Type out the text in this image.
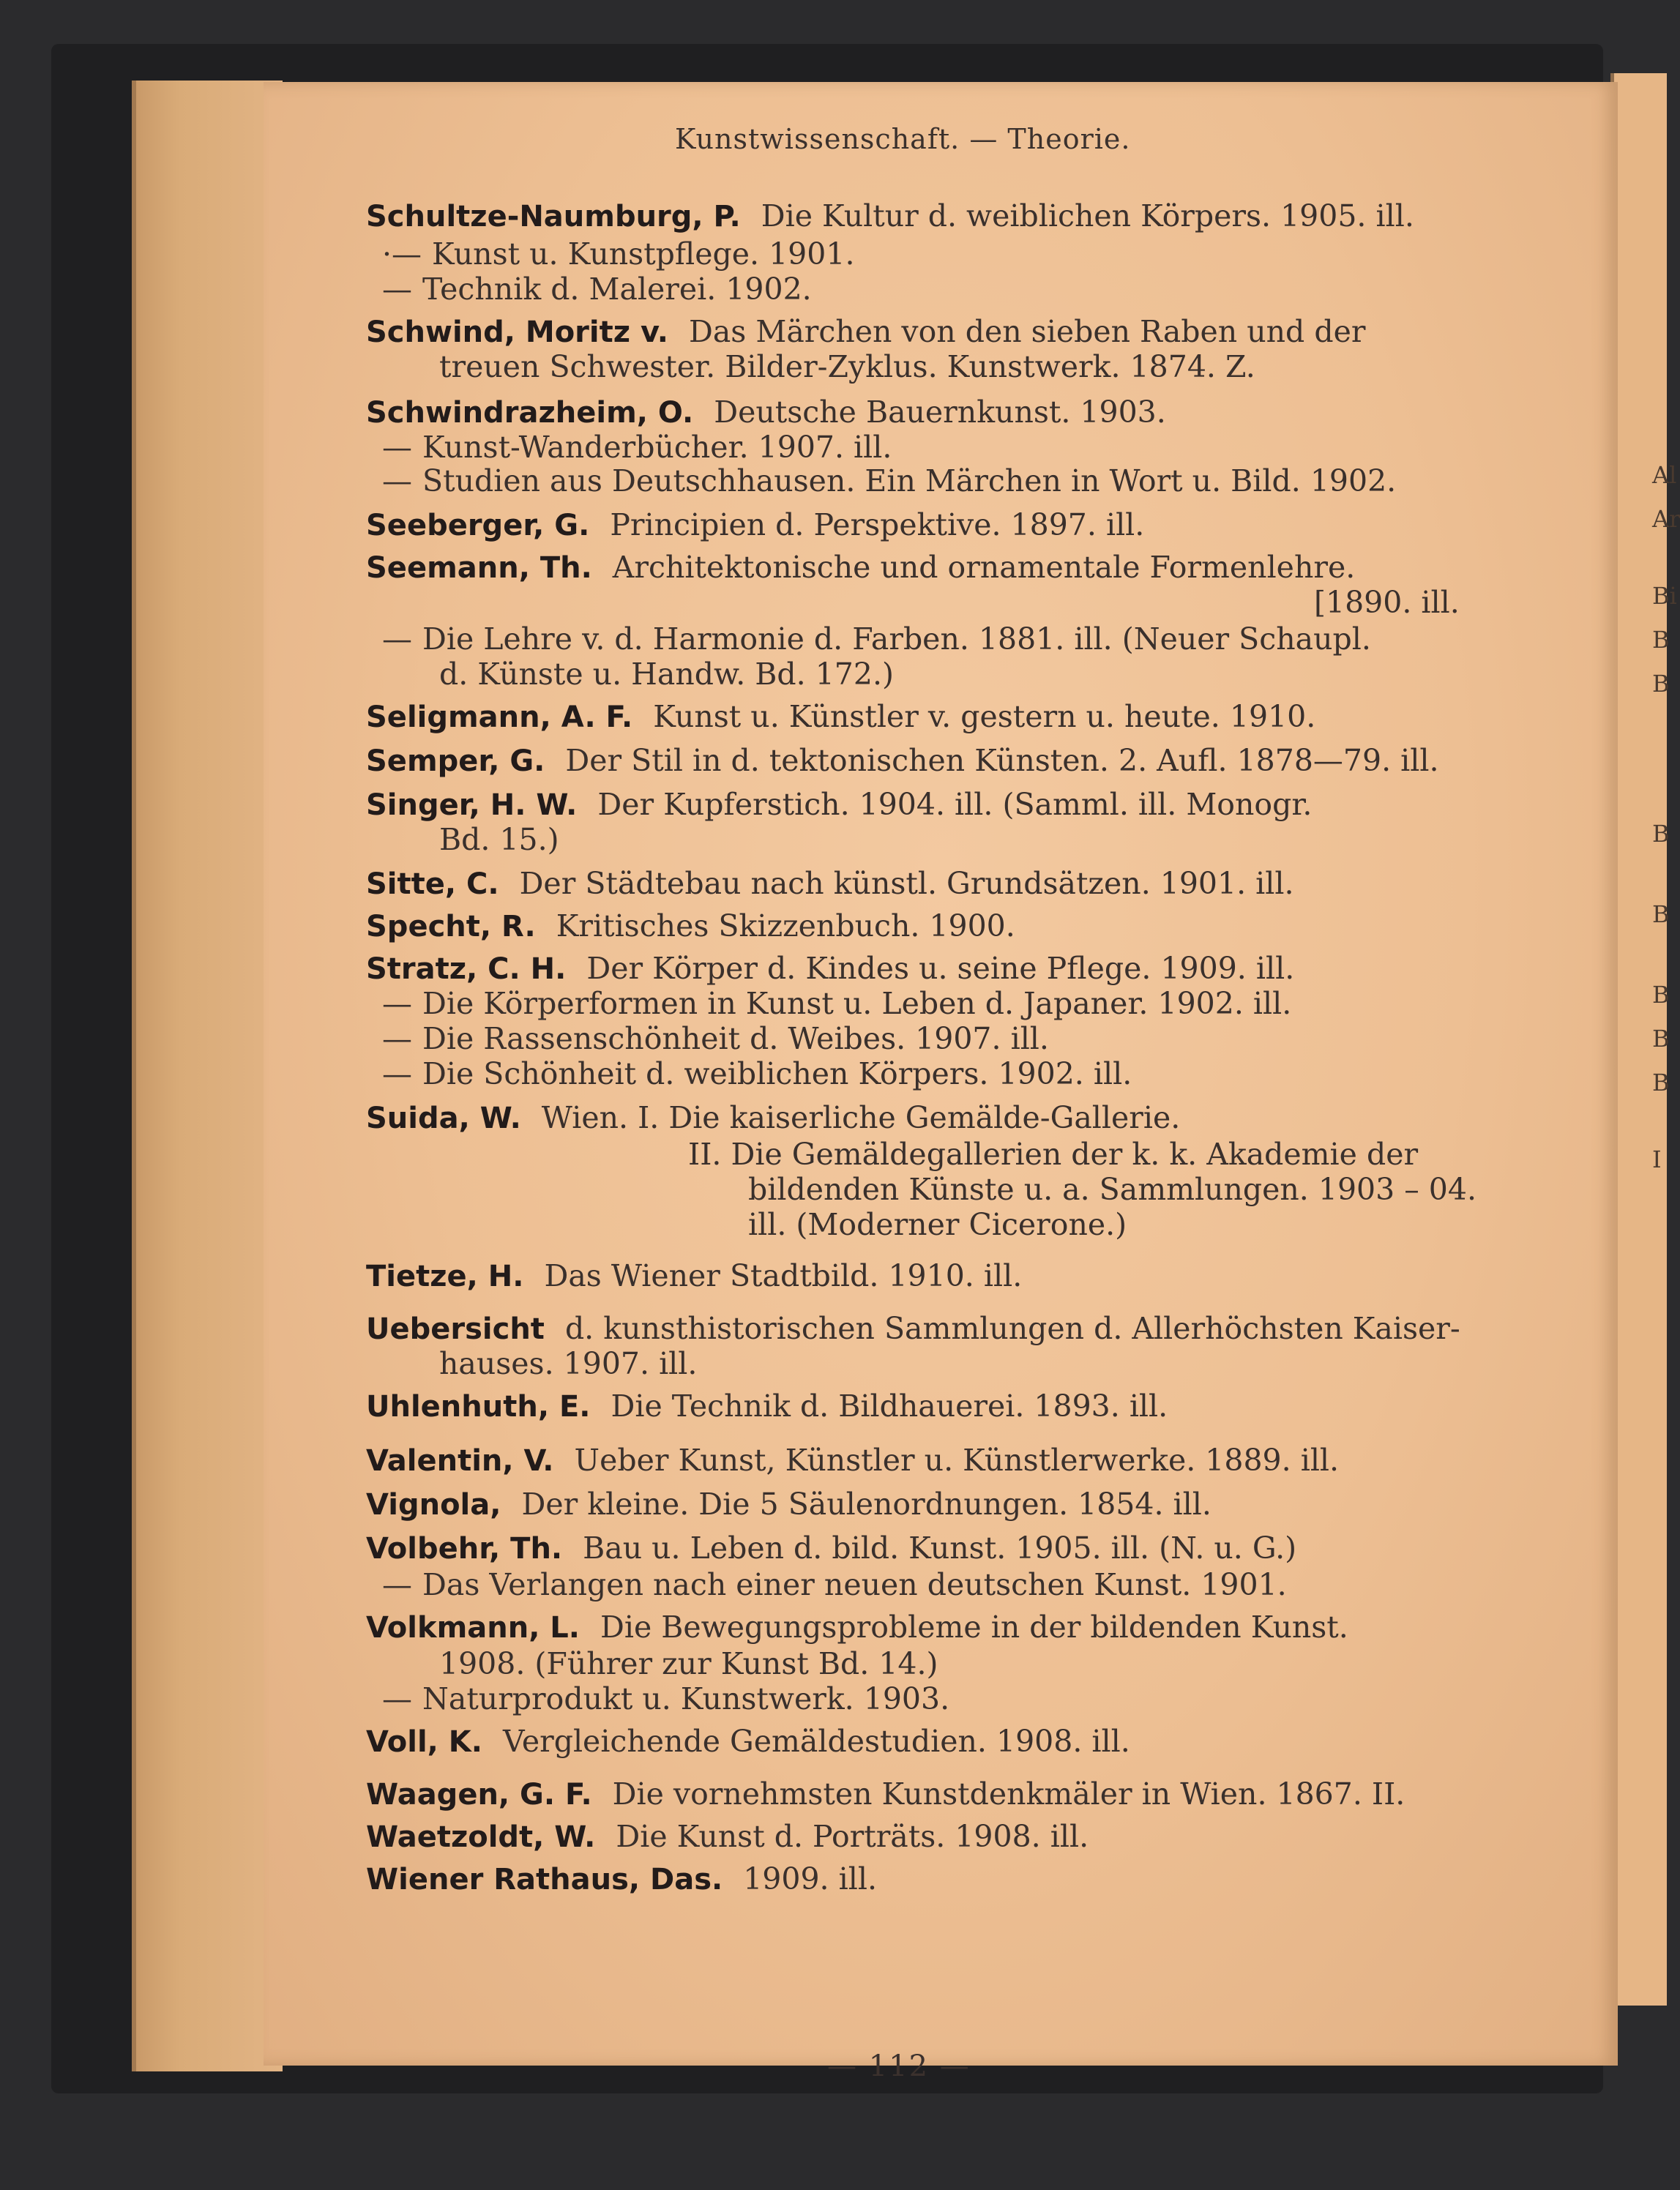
Al
Ar
Bi
B
B
B
B
B
B
B
I
Kunstwissenschaft. — Theorie.
Schultze-Naumburg, P. Die Kultur d. weiblichen Körpers. 1905. ill.
·— Kunst u. Kunstpflege. 1901.
— Technik d. Malerei. 1902.
Schwind, Moritz v. Das Märchen von den sieben Raben und der
treuen Schwester. Bilder-Zyklus. Kunstwerk. 1874. Z.
Schwindrazheim, O. Deutsche Bauernkunst. 1903.
— Kunst-Wanderbücher. 1907. ill.
— Studien aus Deutschhausen. Ein Märchen in Wort u. Bild. 1902.
Seeberger, G. Principien d. Perspektive. 1897. ill.
Seemann, Th. Architektonische und ornamentale Formenlehre.
[1890. ill.
— Die Lehre v. d. Harmonie d. Farben. 1881. ill. (Neuer Schaupl.
d. Künste u. Handw. Bd. 172.)
Seligmann, A. F. Kunst u. Künstler v. gestern u. heute. 1910.
Semper, G. Der Stil in d. tektonischen Künsten. 2. Aufl. 1878—79. ill.
Singer, H. W. Der Kupferstich. 1904. ill. (Samml. ill. Monogr.
Bd. 15.)
Sitte, C. Der Städtebau nach künstl. Grundsätzen. 1901. ill.
Specht, R. Kritisches Skizzenbuch. 1900.
Stratz, C. H. Der Körper d. Kindes u. seine Pflege. 1909. ill.
— Die Körperformen in Kunst u. Leben d. Japaner. 1902. ill.
— Die Rassenschönheit d. Weibes. 1907. ill.
— Die Schönheit d. weiblichen Körpers. 1902. ill.
Suida, W. Wien. I. Die kaiserliche Gemälde-Gallerie.
II. Die Gemäldegallerien der k. k. Akademie der
bildenden Künste u. a. Sammlungen. 1903 – 04.
ill. (Moderner Cicerone.)
Tietze, H. Das Wiener Stadtbild. 1910. ill.
Uebersicht d. kunsthistorischen Sammlungen d. Allerhöchsten Kaiser-
hauses. 1907. ill.
Uhlenhuth, E. Die Technik d. Bildhauerei. 1893. ill.
Valentin, V. Ueber Kunst, Künstler u. Künstlerwerke. 1889. ill.
Vignola, Der kleine. Die 5 Säulenordnungen. 1854. ill.
Volbehr, Th. Bau u. Leben d. bild. Kunst. 1905. ill. (N. u. G.)
— Das Verlangen nach einer neuen deutschen Kunst. 1901.
Volkmann, L. Die Bewegungsprobleme in der bildenden Kunst.
1908. (Führer zur Kunst Bd. 14.)
— Naturprodukt u. Kunstwerk. 1903.
Voll, K. Vergleichende Gemäldestudien. 1908. ill.
Waagen, G. F. Die vornehmsten Kunstdenkmäler in Wien. 1867. II.
Waetzoldt, W. Die Kunst d. Porträts. 1908. ill.
Wiener Rathaus, Das. 1909. ill.
— 112 —
